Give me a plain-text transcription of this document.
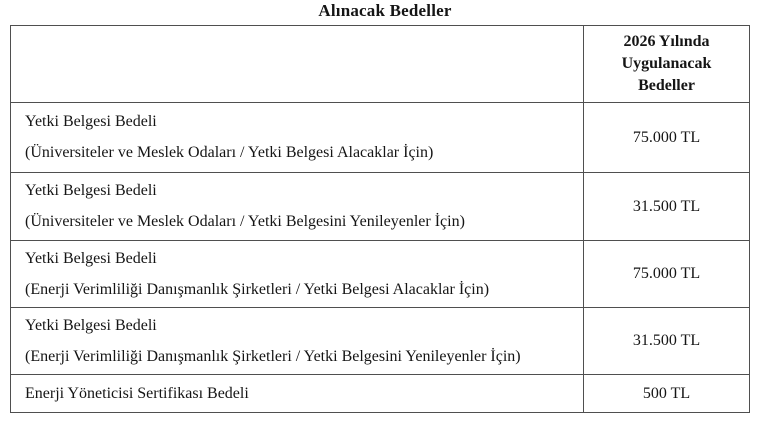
Alınacak Bedeller

	2026 Yılında
Uygulanacak
Bedeller

Yetki Belgesi Bedeli
(Üniversiteler ve Meslek Odaları / Yetki Belgesi Alacaklar İçin)	75.000 TL

Yetki Belgesi Bedeli
(Üniversiteler ve Meslek Odaları / Yetki Belgesini Yenileyenler İçin)	31.500 TL

Yetki Belgesi Bedeli
(Enerji Verimliliği Danışmanlık Şirketleri / Yetki Belgesi Alacaklar İçin)	75.000 TL

Yetki Belgesi Bedeli
(Enerji Verimliliği Danışmanlık Şirketleri / Yetki Belgesini Yenileyenler İçin)	31.500 TL
Enerji Yöneticisi Sertifikası Bedeli	500 TL
